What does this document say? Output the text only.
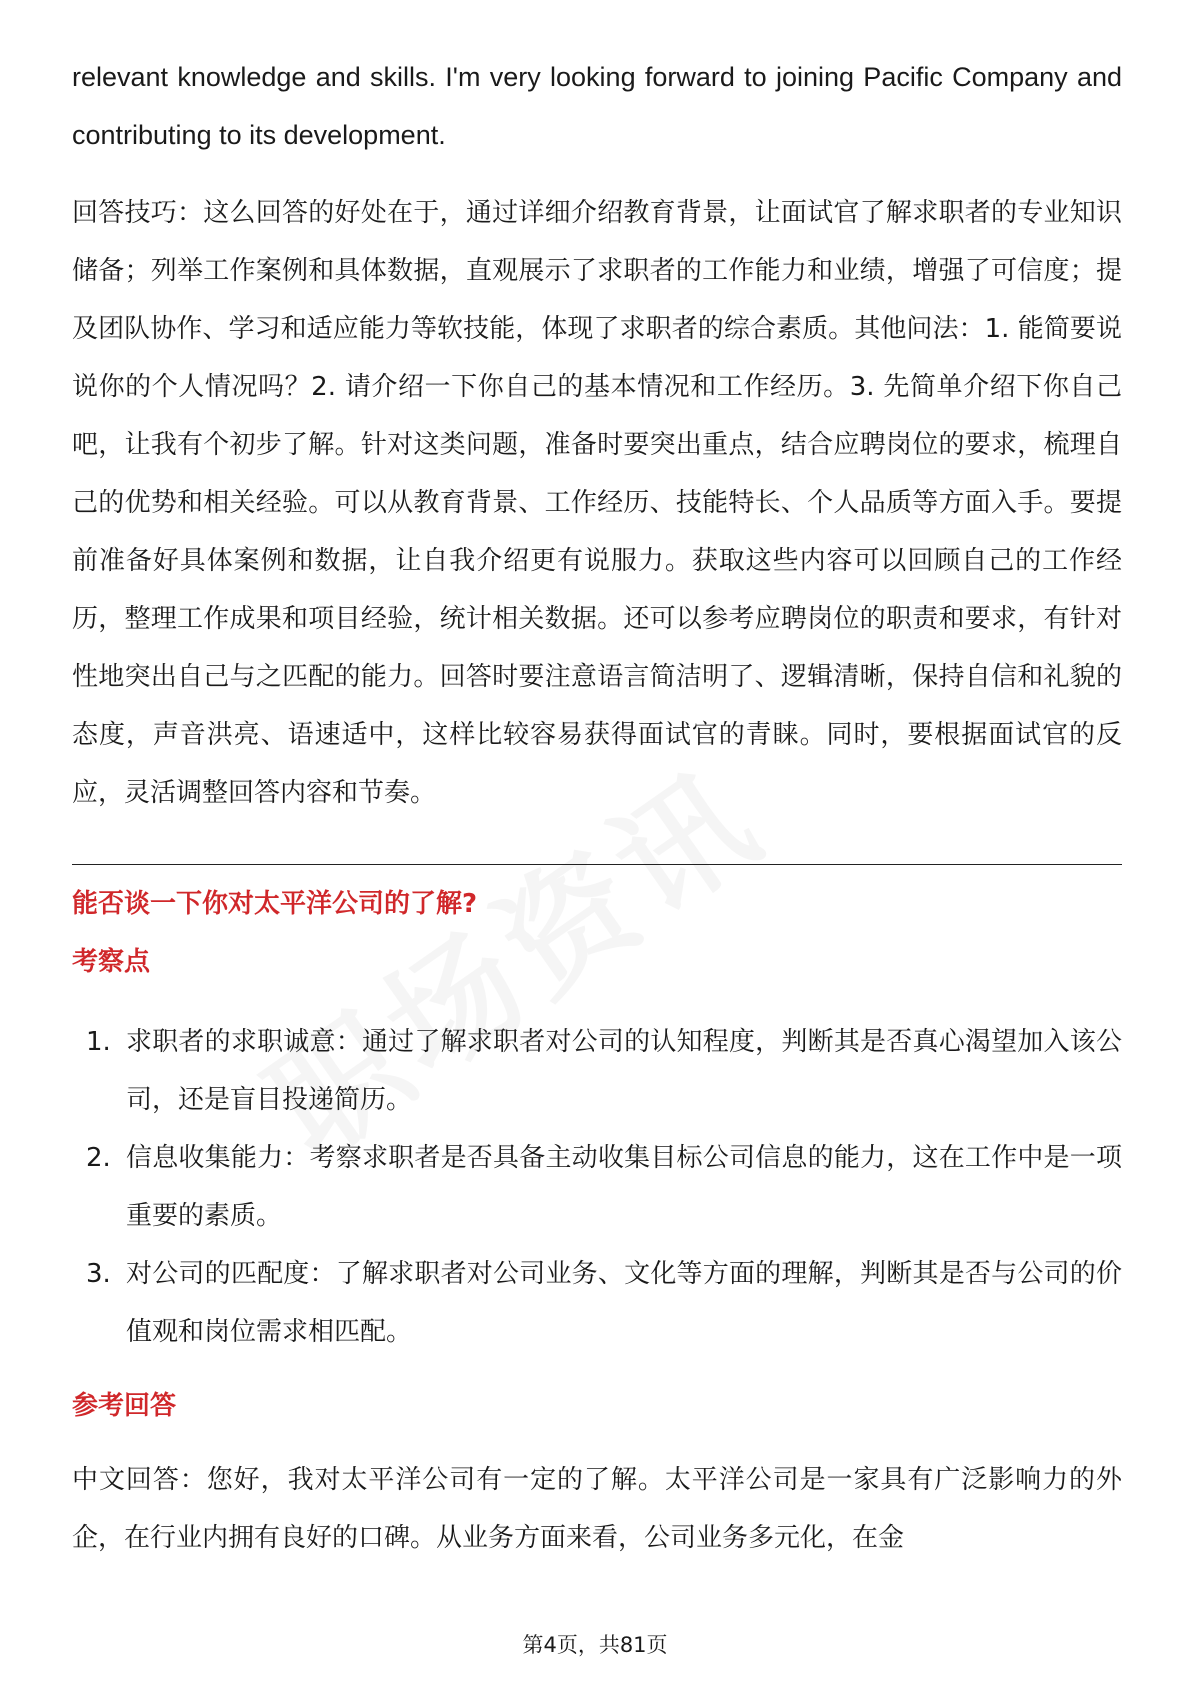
relevant knowledge and skills. I'm very looking forward to joining Pacific Company and contributing to its development.

回答技巧：这么回答的好处在于，通过详细介绍教育背景，让面试官了解求职者的专业知识储备；列举工作案例和具体数据，直观展示了求职者的工作能力和业绩，增强了可信度；提及团队协作、学习和适应能力等软技能，体现了求职者的综合素质。其他问法：1. 能简要说说你的个人情况吗？2. 请介绍一下你自己的基本情况和工作经历。3. 先简单介绍下你自己吧，让我有个初步了解。针对这类问题，准备时要突出重点，结合应聘岗位的要求，梳理自己的优势和相关经验。可以从教育背景、工作经历、技能特长、个人品质等方面入手。要提前准备好具体案例和数据，让自我介绍更有说服力。获取这些内容可以回顾自己的工作经历，整理工作成果和项目经验，统计相关数据。还可以参考应聘岗位的职责和要求，有针对性地突出自己与之匹配的能力。回答时要注意语言简洁明了、逻辑清晰，保持自信和礼貌的态度，声音洪亮、语速适中，这样比较容易获得面试官的青睐。同时，要根据面试官的反应，灵活调整回答内容和节奏。

能否谈一下你对太平洋公司的了解?

考察点

1. 求职者的求职诚意：通过了解求职者对公司的认知程度，判断其是否真心渴望加入该公司，还是盲目投递简历。
2. 信息收集能力：考察求职者是否具备主动收集目标公司信息的能力，这在工作中是一项重要的素质。
3. 对公司的匹配度：了解求职者对公司业务、文化等方面的理解，判断其是否与公司的价值观和岗位需求相匹配。

参考回答

中文回答：您好，我对太平洋公司有一定的了解。太平洋公司是一家具有广泛影响力的外企，在行业内拥有良好的口碑。从业务方面来看，公司业务多元化，在金

第4页，共81页
